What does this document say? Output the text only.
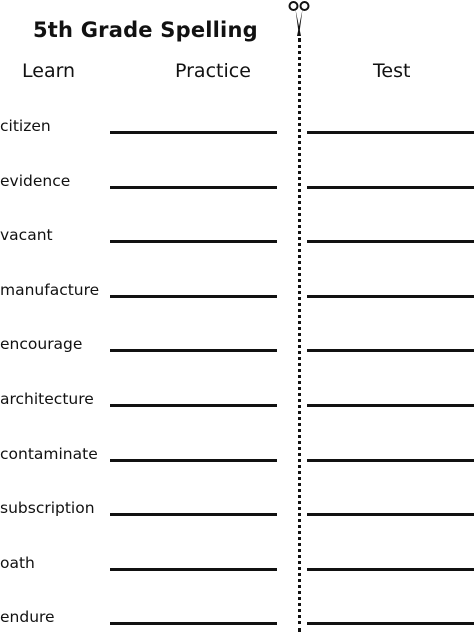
5th Grade Spelling
Learn	Practice	Test
citizen
evidence
vacant
manufacture
encourage
architecture
contaminate
subscription
oath
endure
